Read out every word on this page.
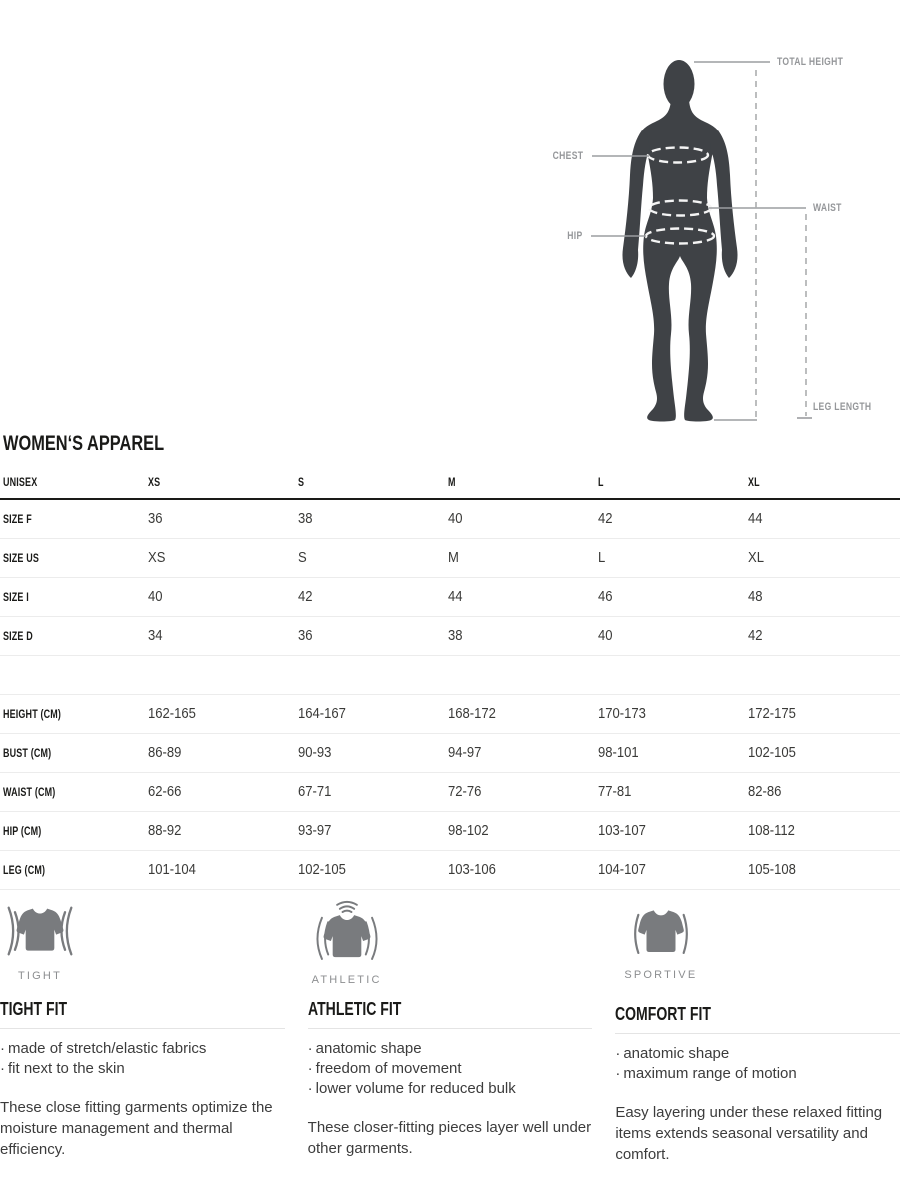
TOTAL HEIGHT
CHEST
WAIST
HIP
LEG LENGTH
WOMEN‘S APPAREL
UNISEX	XS	S	M	L	XL
SIZE F	36	38	40	42	44
SIZE US	XS	S	M	L	XL
SIZE I	40	42	44	46	48
SIZE D	34	36	38	40	42
HEIGHT (CM)	162-165	164-167	168-172	170-173	172-175
BUST (CM)	86-89	90-93	94-97	98-101	102-105
WAIST (CM)	62-66	67-71	72-76	77-81	82-86
HIP (CM)	88-92	93-97	98-102	103-107	108-112
LEG (CM)	101-104	102-105	103-106	104-107	105-108
TIGHT
TIGHT FIT
· made of stretch/elastic fabrics
· fit next to the skin

These close fitting garments optimize the moisture management and thermal efficiency.

ATHLETIC
ATHLETIC FIT
· anatomic shape
· freedom of movement
· lower volume for reduced bulk

These closer-fitting pieces layer well under other garments.

SPORTIVE
COMFORT FIT
· anatomic shape
· maximum range of motion

Easy layering under these relaxed fitting items extends seasonal versatility and comfort.
